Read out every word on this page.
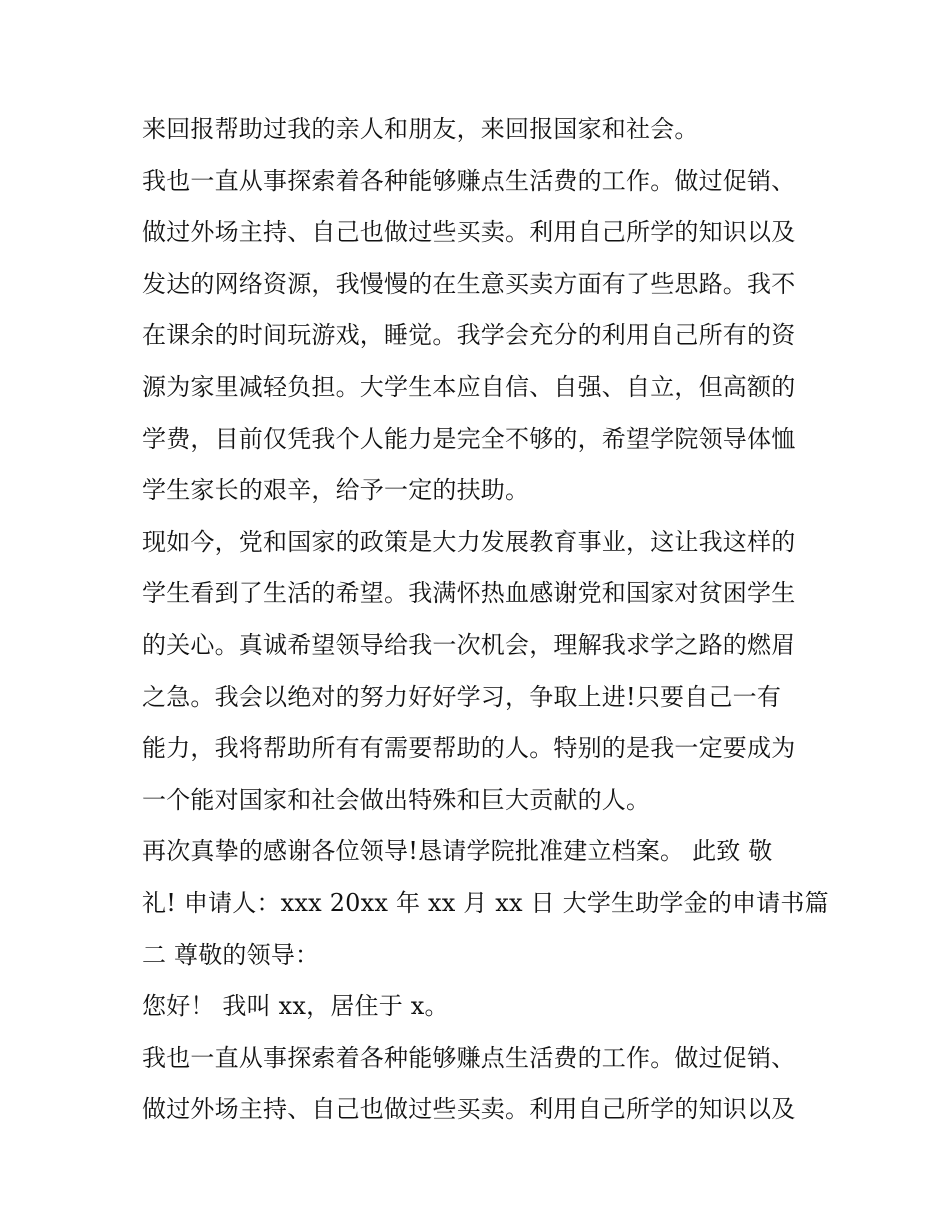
来回报帮助过我的亲人和朋友，来回报国家和社会。
我也一直从事探索着各种能够赚点生活费的工作。做过促销、
做过外场主持、自己也做过些买卖。利用自己所学的知识以及
发达的网络资源，我慢慢的在生意买卖方面有了些思路。我不
在课余的时间玩游戏，睡觉。我学会充分的利用自己所有的资
源为家里减轻负担。大学生本应自信、自强、自立，但高额的
学费，目前仅凭我个人能力是完全不够的，希望学院领导体恤
学生家长的艰辛，给予一定的扶助。
现如今，党和国家的政策是大力发展教育事业，这让我这样的
学生看到了生活的希望。我满怀热血感谢党和国家对贫困学生
的关心。真诚希望领导给我一次机会，理解我求学之路的燃眉
之急。我会以绝对的努力好好学习，争取上进!只要自己一有
能力，我将帮助所有有需要帮助的人。特别的是我一定要成为
一个能对国家和社会做出特殊和巨大贡献的人。
再次真挚的感谢各位领导!恳请学院批准建立档案。 此致 敬
礼! 申请人：xxx 20xx 年 xx 月 xx 日 大学生助学金的申请书篇
二 尊敬的领导：
您好！ 我叫 xx，居住于 x。
我也一直从事探索着各种能够赚点生活费的工作。做过促销、
做过外场主持、自己也做过些买卖。利用自己所学的知识以及
